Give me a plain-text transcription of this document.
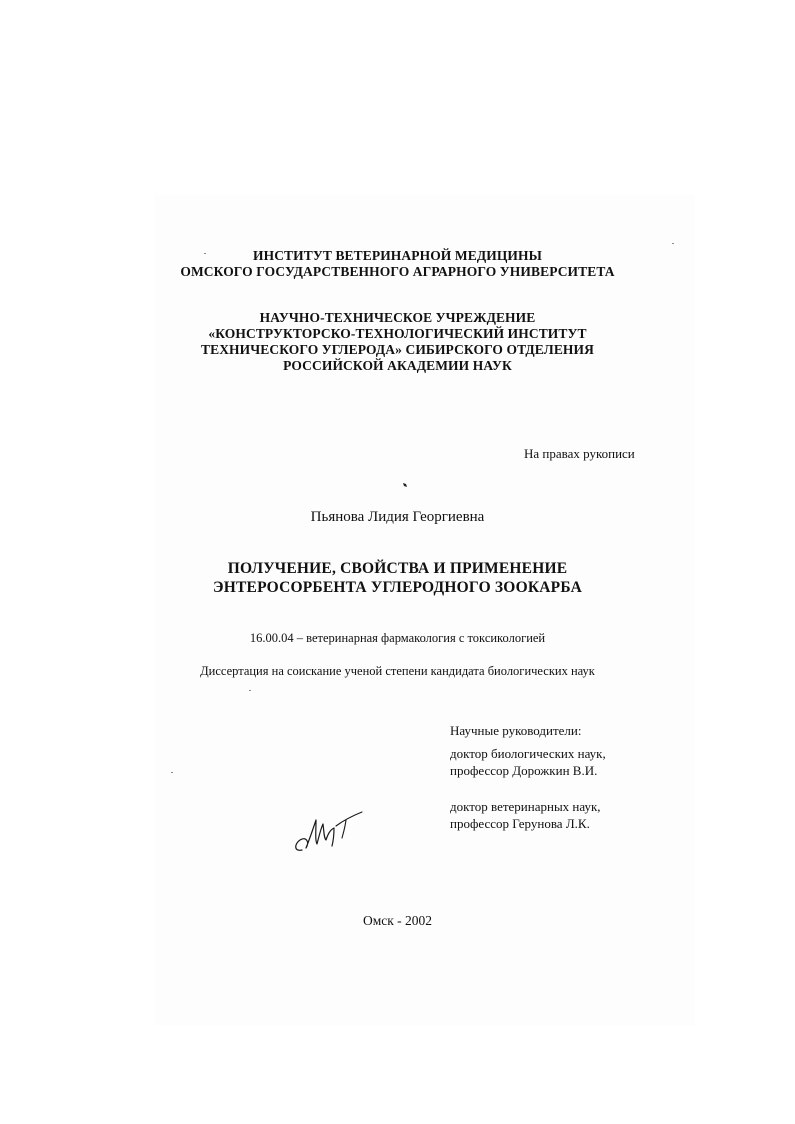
ИНСТИТУТ ВЕТЕРИНАРНОЙ МЕДИЦИНЫ
ОМСКОГО ГОСУДАРСТВЕННОГО АГРАРНОГО УНИВЕРСИТЕТА
НАУЧНО-ТЕХНИЧЕСКОЕ УЧРЕЖДЕНИЕ
«КОНСТРУКТОРСКО-ТЕХНОЛОГИЧЕСКИЙ ИНСТИТУТ
ТЕХНИЧЕСКОГО УГЛЕРОДА» СИБИРСКОГО ОТДЕЛЕНИЯ
РОССИЙСКОЙ АКАДЕМИИ НАУК
На правах рукописи
Пьянова Лидия Георгиевна
ПОЛУЧЕНИЕ, СВОЙСТВА И ПРИМЕНЕНИЕ
ЭНТЕРОСОРБЕНТА УГЛЕРОДНОГО ЗООКАРБА
16.00.04 – ветеринарная фармакология с токсикологией
Диссертация на соискание ученой степени кандидата биологических наук
Научные руководители:
доктор биологических наук,
профессор Дорожкин В.И.
доктор ветеринарных наук,
профессор Герунова Л.К.
Омск - 2002
